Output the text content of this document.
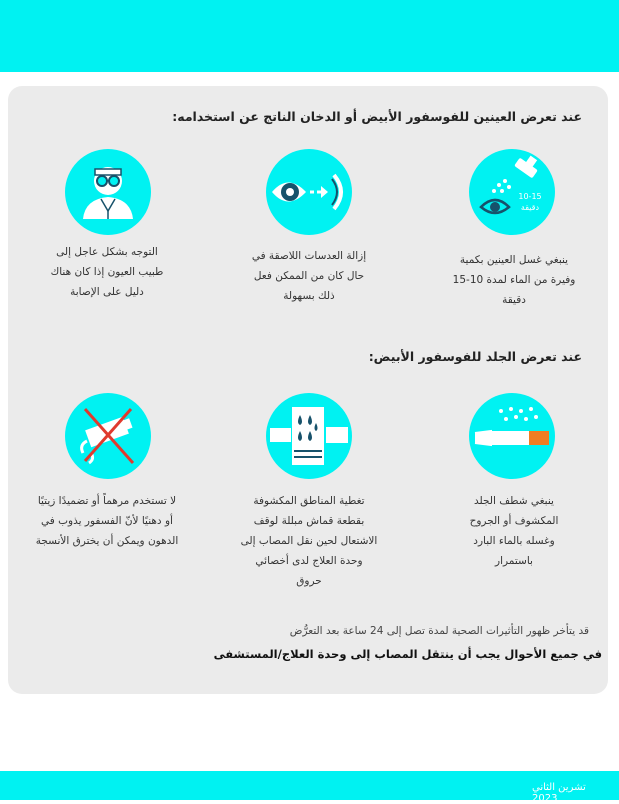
عند تعرض العينين للفوسفور الأبيض أو الدخان الناتج عن استخدامه:
10-15
دقيقة
ينبغي غسل العينين بكمية
وفيرة من الماء لمدة 10-15
دقيقة
إزالة العدسات اللاصقة في
حال كان من الممكن فعل
ذلك بسهولة
التوجه بشكل عاجل إلى
طبيب العيون إذا كان هناك
دليل على الإصابة
عند تعرض الجلد للفوسفور الأبيض:
ينبغي شطف الجلد
المكشوف أو الجروح
وغسله بالماء البارد
باستمرار
تغطية المناطق المكشوفة
بقطعة قماش مبللة لوقف
الاشتعال لحين نقل المصاب إلى
وحدة العلاج لدى أخصائي
حروق
لا تستخدم مرهماً أو تضميدًا زيتيًا
أو دهنيًا لأنّ الفسفور يذوب في
الدهون ويمكن أن يخترق الأنسجة
قد يتأخر ظهور التأثيرات الصحية لمدة تصل إلى 24 ساعة بعد التعرُّض
في جميع الأحوال يجب أن ينتقل المصاب إلى وحدة العلاج/المستشفى
تشرين الثاني 2023
